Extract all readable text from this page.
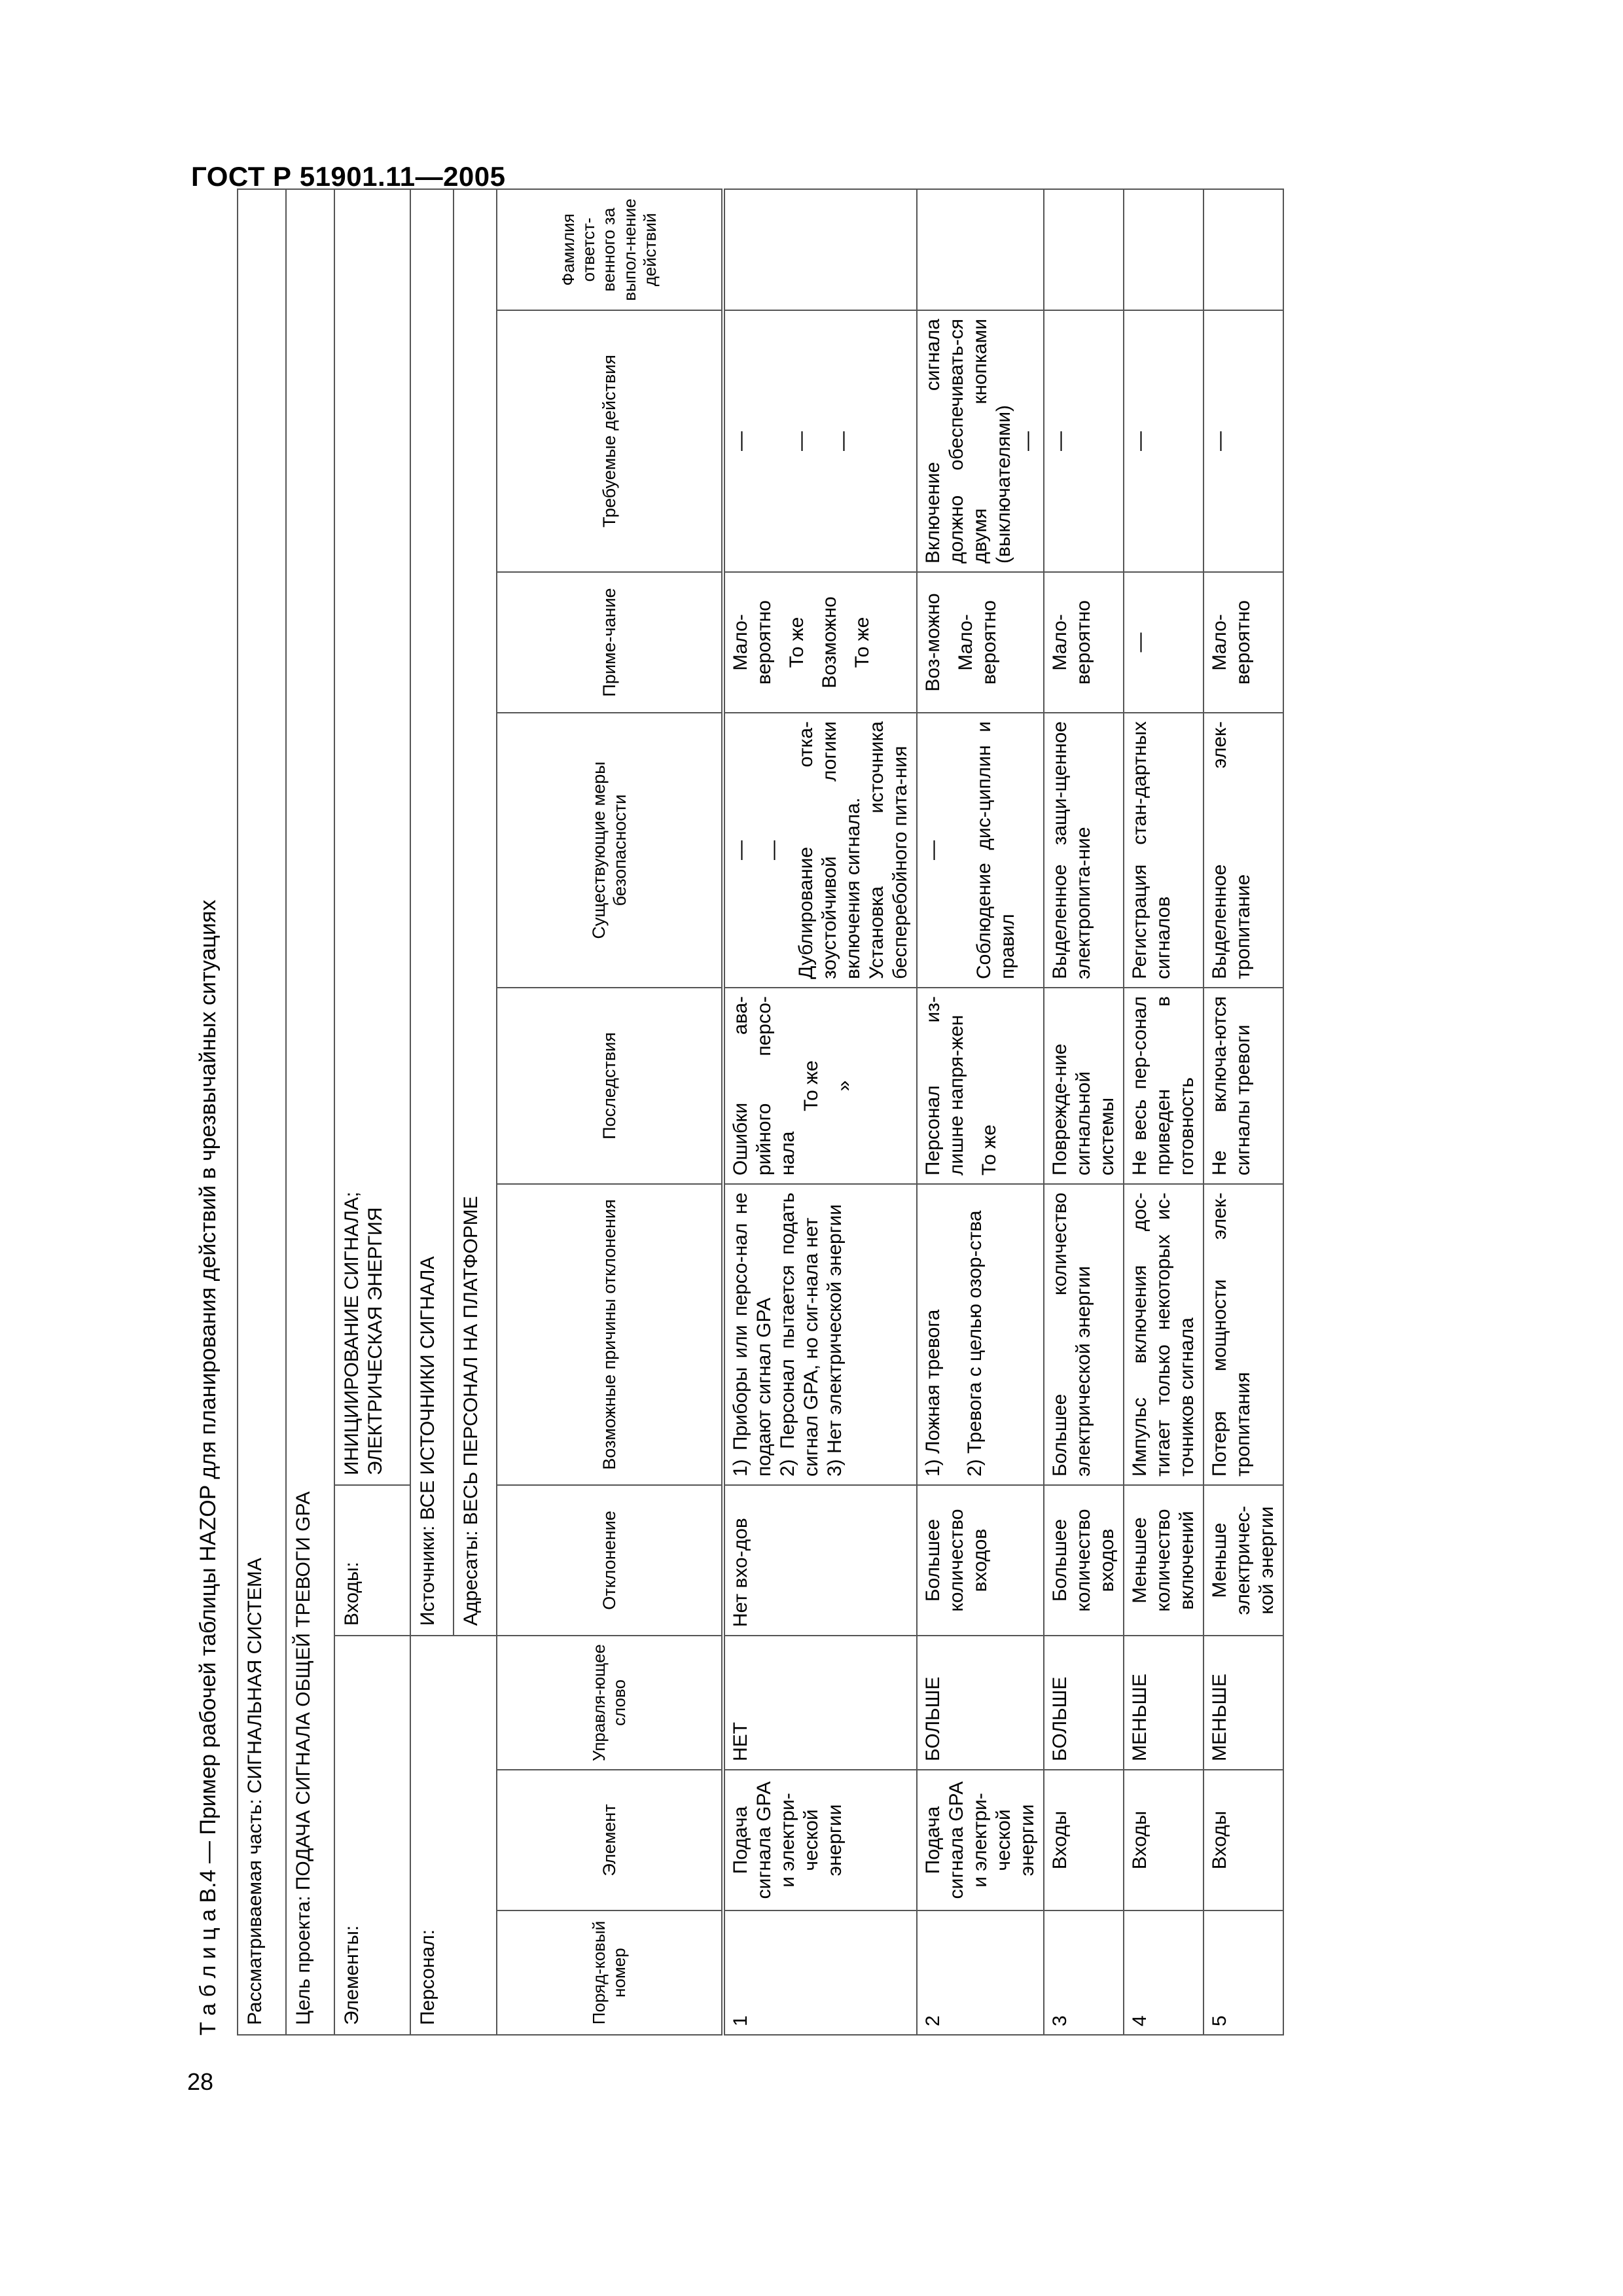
ГОСТ Р 51901.11—2005
28
Т а б л и ц а В.4 — Пример рабочей таблицы HAZOP для планирования действий в чрезвычайных ситуациях	Рассматриваемая часть: СИГНАЛЬНАЯ СИСТЕМА									
Цель проекта: ПОДАЧА СИГНАЛА ОБЩЕЙ ТРЕВОГИ GPA									
Элементы:			Входы:	ИНИЦИИРОВАНИЕ СИГНАЛА; ЭЛЕКТРИЧЕСКАЯ ЭНЕРГИЯ					

Персонал:			Источники: ВСЕ ИСТОЧНИКИ СИГНАЛА						
			Адресаты: ВЕСЬ ПЕРСОНАЛ НА ПЛАТФОРМЕ						
Поряд-ковый номер	Элемент	Управля-ющее слово	Отклонение	Возможные причины отклонения	Последствия	Существующие меры безопасности	Приме-чание	Требуемые действия	Фамилия ответст-венного за выпол-нение действий
1	Подача сигнала GPA и электри-ческой энергии	НЕТ	Нет вхо-дов	1) Приборы или персо-нал не подают сигнал GPA 2) Персонал пытается подать сигнал GPA, но сиг-нала нет 3) Нет электрической энергии	Ошибки ава-рийного персо-нала
То же »	— — Дублирование отка-зоустойчивой логики включения сигнала. Установка источника бесперебойного пита-ния	Мало-вероятно То же Возможно То же	— — —	

2	Подача сигнала GPA и электри-ческой энергии	БОЛЬШЕ	Большее количество входов	1) Ложная тревога 2) Тревога с целью озор-ства	Персонал из-лишне напря-жен То же	— Соблюдение дис-циплин и правил	Воз-можно Мало-вероятно	Включение сигнала должно обеспечивать-ся двумя кнопками (выключателями) —	

3	Входы	БОЛЬШЕ	Большее количество входов	Большее количество электрической энергии	Поврежде-ние сигнальной системы	Выделенное защи-щенное электропита-ние	Мало-вероятно	—	
4	Входы	МЕНЬШЕ	Меньшее количество включений	Импульс включения дос-тигает только некоторых ис-точников сигнала	Не весь пер-сонал приведен в готовность	Регистрация стан-дартных сигналов	—	—	
5	Входы	МЕНЬШЕ	Меньше электричес-кой энергии	Потеря мощности элек-тропитания	Не включа-ются сигналы тревоги	Выделенное элек-тропитание	Мало-вероятно	—	
